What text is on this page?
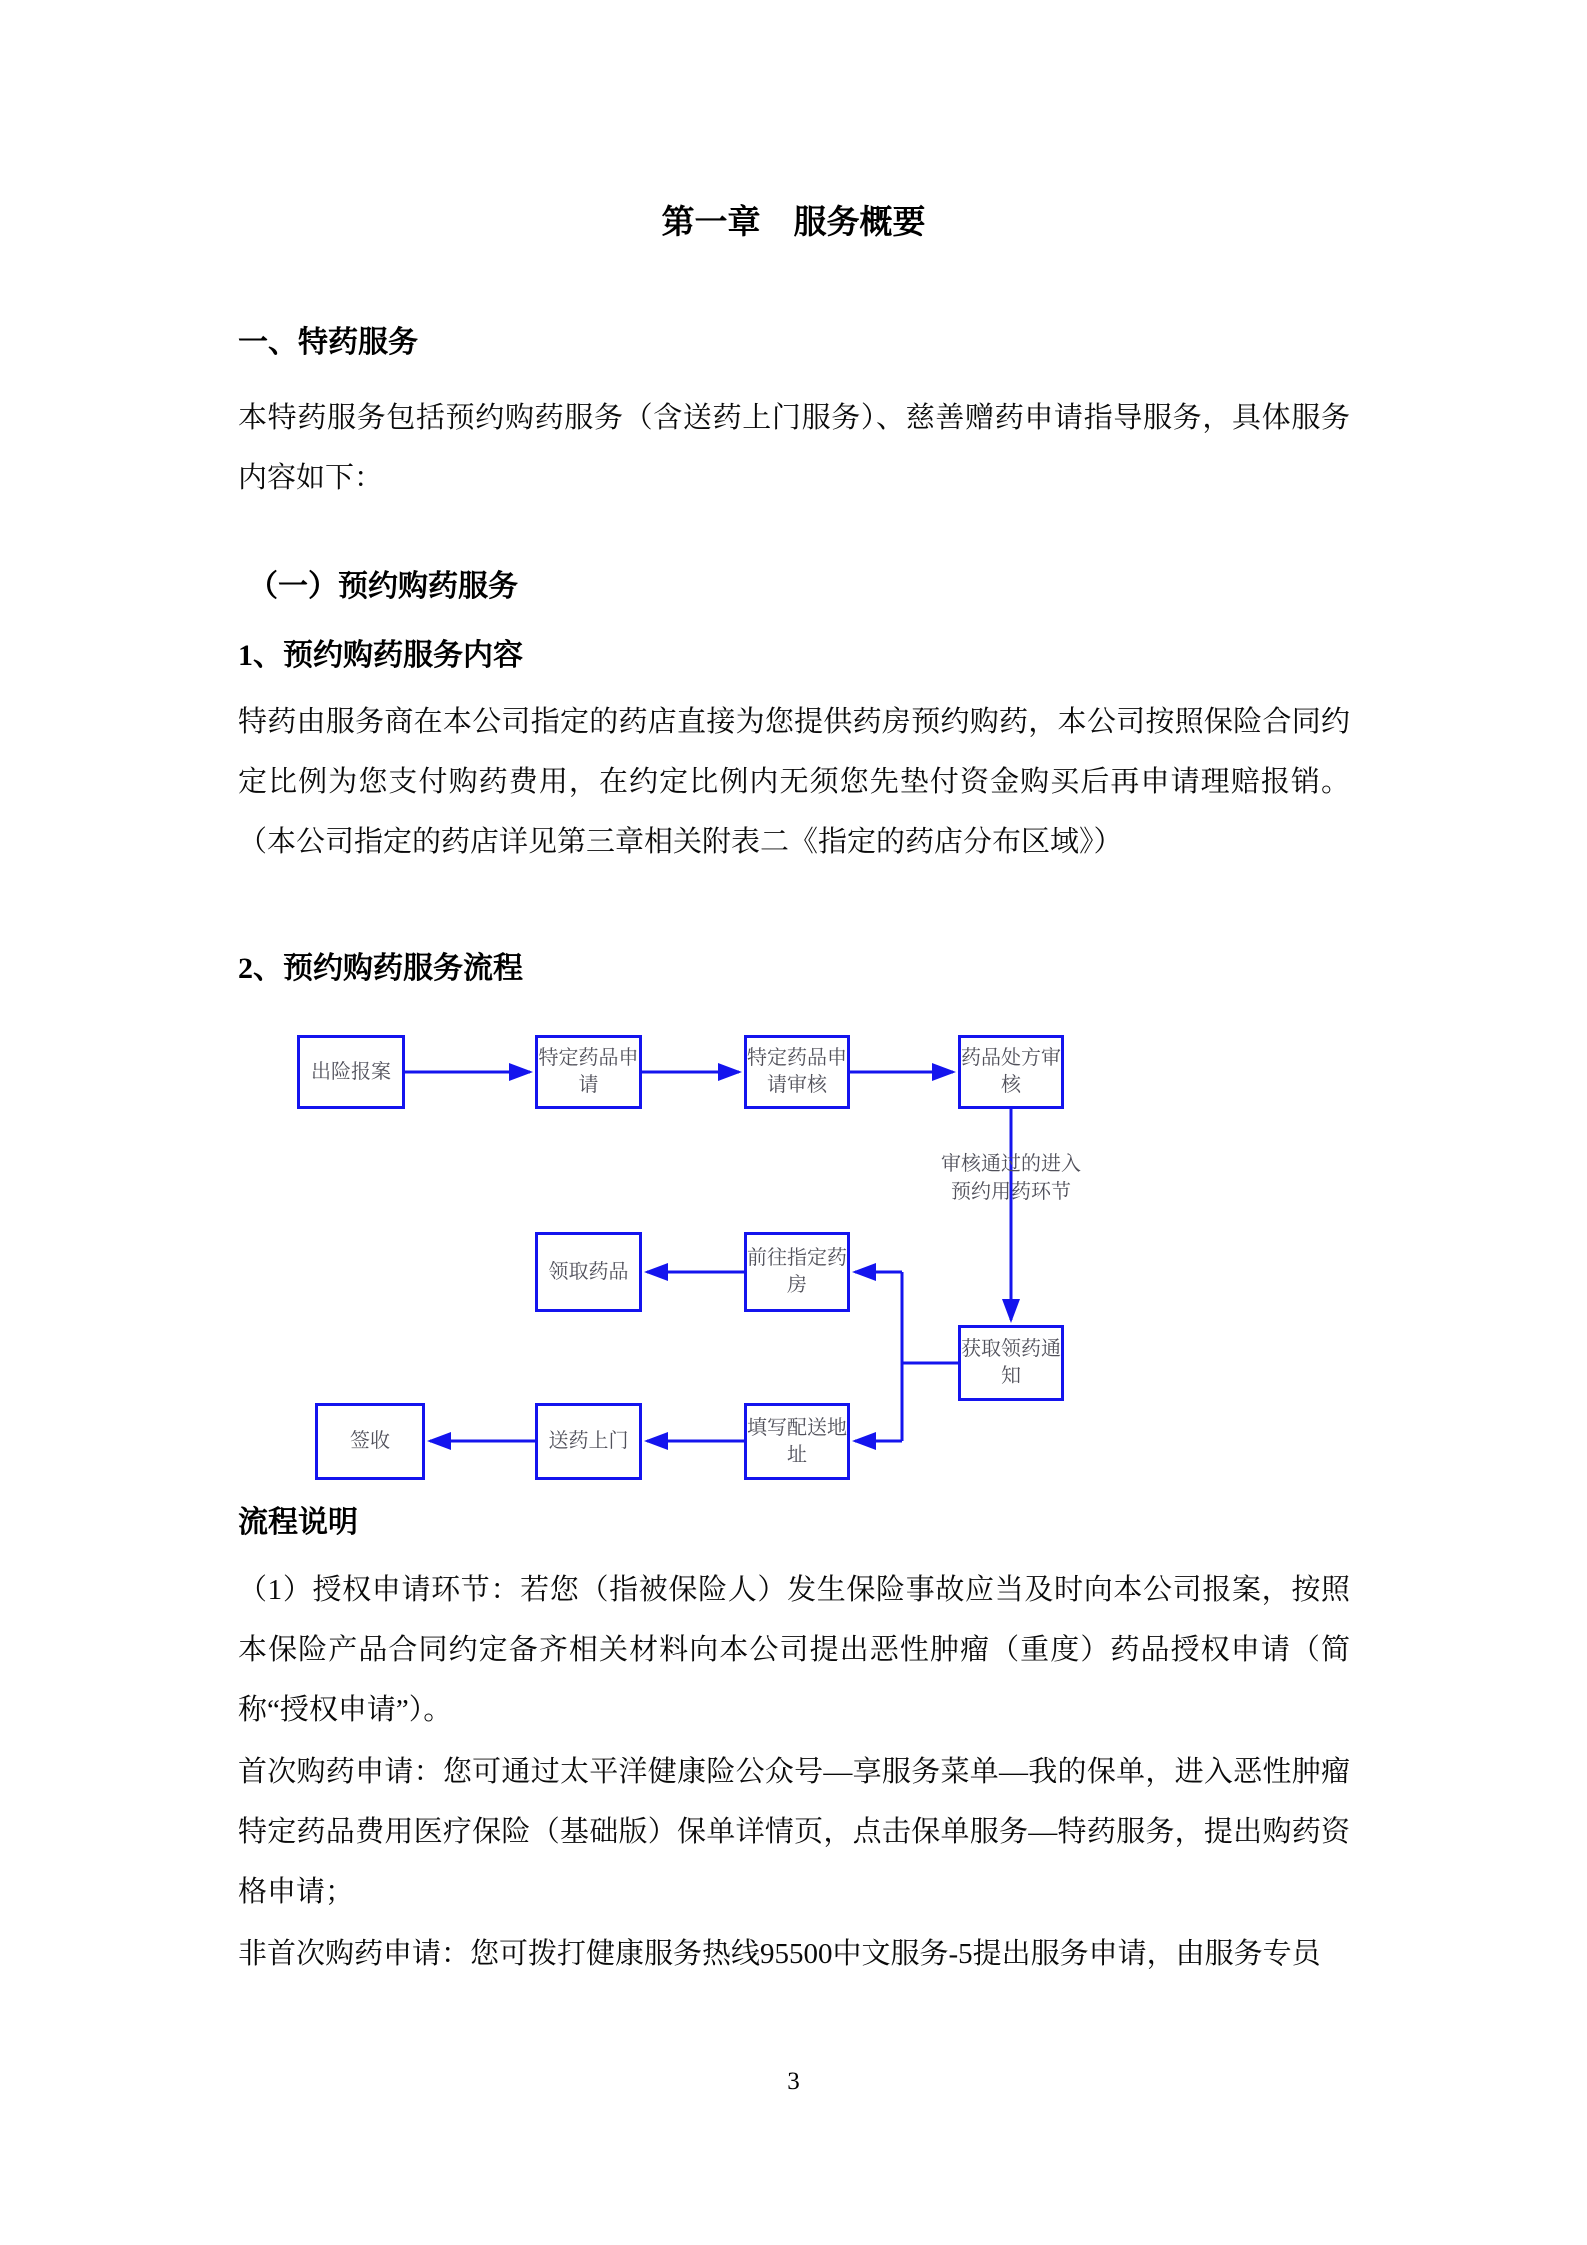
第一章　服务概要
一、特药服务
本特药服务包括预约购药服务（含送药上门服务）、慈善赠药申请指导服务，具体服务内容如下：
（一）预约购药服务
1、预约购药服务内容
特药由服务商在本公司指定的药店直接为您提供药房预约购药，本公司按照保险合同约定比例为您支付购药费用，在约定比例内无须您先垫付资金购买后再申请理赔报销。（本公司指定的药店详见第三章相关附表二《指定的药店分布区域》）
2、预约购药服务流程
出险报案
特定药品申请
特定药品申请审核
药品处方审核
审核通过的进入
预约用药环节
获取领药通知
领取药品
前往指定药房
签收	送药上门
填写配送地址
流程说明
（1）授权申请环节：若您（指被保险人）发生保险事故应当及时向本公司报案，按照本保险产品合同约定备齐相关材料向本公司提出恶性肿瘤（重度）药品授权申请（简称“授权申请”）。
首次购药申请：您可通过太平洋健康险公众号—享服务菜单—我的保单，进入恶性肿瘤特定药品费用医疗保险（基础版）保单详情页，点击保单服务—特药服务，提出购药资格申请；
非首次购药申请：您可拨打健康服务热线95500中文服务-5提出服务申请，由服务专员
3
